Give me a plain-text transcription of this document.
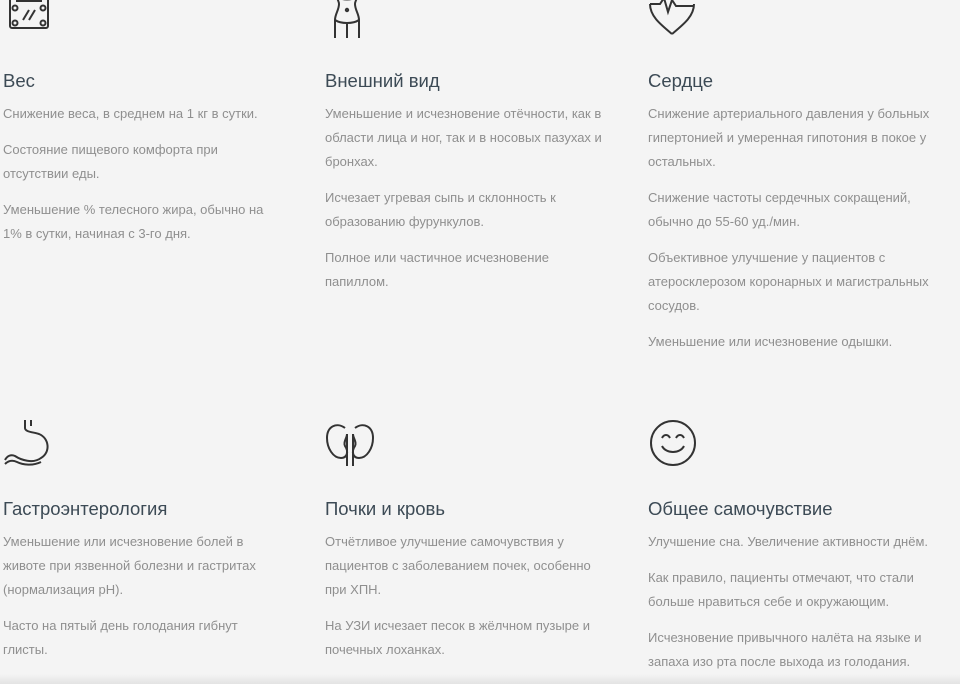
Вес

Снижение веса, в среднем на 1 кг в сутки.

Состояние пищевого комфорта при отсутствии еды.

Уменьшение % телесного жира, обычно на 1% в сутки, начиная с 3-го дня.

Внешний вид

Уменьшение и исчезновение отёчности, как в области лица и ног, так и в носовых пазухах и бронхах.

Исчезает угревая сыпь и склонность к образованию фурункулов.

Полное или частичное исчезновение папиллом.

Сердце

Снижение артериального давления у больных гипертонией и умеренная гипотония в покое у остальных.

Снижение частоты сердечных сокращений, обычно до 55-60 уд./мин.

Объективное улучшение у пациентов с атеросклерозом коронарных и магистральных сосудов.

Уменьшение или исчезновение одышки.

Гастроэнтерология

Уменьшение или исчезновение болей в животе при язвенной болезни и гастритах (нормализация pH).

Часто на пятый день голодания гибнут глисты.

Почки и кровь

Отчётливое улучшение самочувствия у пациентов с заболеванием почек, особенно при ХПН.

На УЗИ исчезает песок в жёлчном пузыре и почечных лоханках.

Общее самочувствие

Улучшение сна. Увеличение активности днём.

Как правило, пациенты отмечают, что стали больше нравиться себе и окружающим.

Исчезновение привычного налёта на языке и запаха изо рта после выхода из голодания.
